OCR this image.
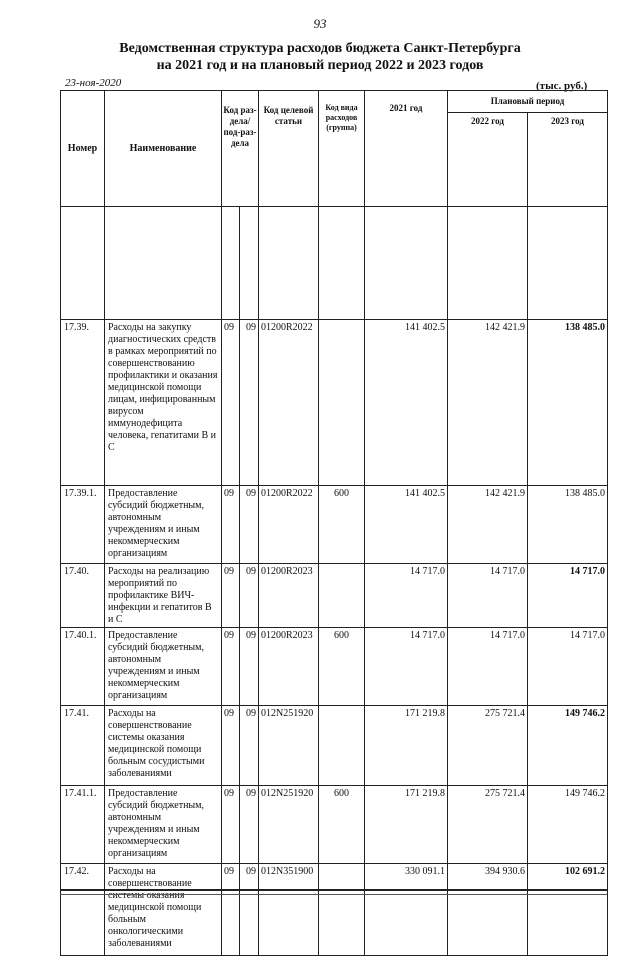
93
Ведомственная структура расходов бюджета Санкт-Петербурга
на 2021 год и на плановый период 2022 и 2023 годов
23-ноя-2020	(тыс. руб.)
Номер	Наименование	Код раз-дела/ под-раз-дела		Код целевой статьи	Код вида расходов (группа)	2021 год	Плановый период	
							2022 год	2023 год

17.39.	Расходы на закупку диагностических средств в рамках мероприятий по совершенствованию профилактики и оказания медицинской помощи лицам, инфицированным вирусом иммунодефицита человека, гепатитами B и C	09	09	01200R2022		141 402.5	142 421.9	138 485.0
17.39.1.	Предоставление субсидий бюджетным, автономным учреждениям и иным некоммерческим организациям	09	09	01200R2022	600	141 402.5	142 421.9	138 485.0
17.40.	Расходы на реализацию мероприятий по профилактике ВИЧ-инфекции и гепатитов B и C	09	09	01200R2023		14 717.0	14 717.0	14 717.0
17.40.1.	Предоставление субсидий бюджетным, автономным учреждениям и иным некоммерческим организациям	09	09	01200R2023	600	14 717.0	14 717.0	14 717.0
17.41.	Расходы на совершенствование системы оказания медицинской помощи больным сосудистыми заболеваниями	09	09	012N251920		171 219.8	275 721.4	149 746.2
17.41.1.	Предоставление субсидий бюджетным, автономным учреждениям и иным некоммерческим организациям	09	09	012N251920	600	171 219.8	275 721.4	149 746.2
17.42.	Расходы на совершенствование системы оказания медицинской помощи больным онкологическими заболеваниями	09	09	012N351900		330 091.1	394 930.6	102 691.2
